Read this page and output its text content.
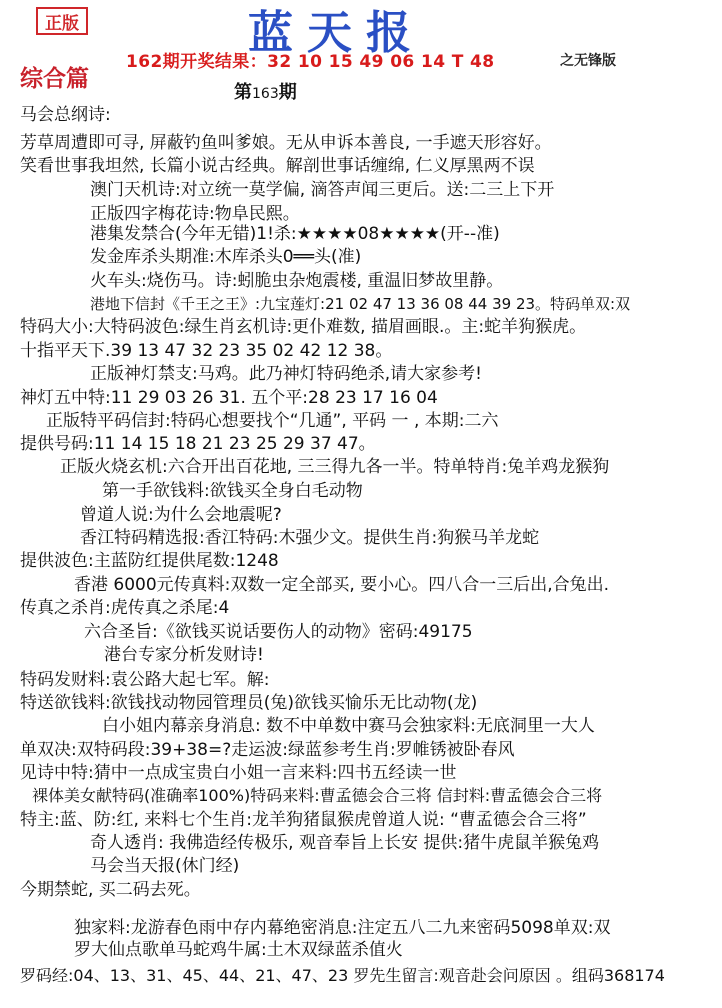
正版	蓝天报
162期开奖结果：32 10 15 49 06 14 T 48	之无锋版
综合篇
第163期
马会总纲诗:
芳草周遭即可寻, 屏蔽钓鱼叫爹娘。无从申诉本善良, 一手遮天形容好。
笑看世事我坦然, 长篇小说古经典。解剖世事话缠绵, 仁义厚黑两不误
澳门天机诗:对立统一莫学偏, 滴答声闻三更后。送:二三上下开
正版四字梅花诗:物阜民熙。
港集发禁合(今年无错)1!杀:★★★★08★★★★(开--准)
发金库杀头期准:木库杀头0══头(准)
火车头:烧伤马。诗:蚓脆虫杂炮震楼, 重温旧梦故里静。
港地下信封《千王之王》:九宝莲灯:21 02 47 13 36 08 44 39 23。特码单双:双
特码大小:大特码波色:绿生肖玄机诗:更仆难数, 描眉画眼.。主:蛇羊狗猴虎。
十指平天下.39 13 47 32 23 35 02 42 12 38。
正版神灯禁支:马鸡。此乃神灯特码绝杀,请大家参考!
神灯五中特:11 29 03 26 31. 五个平:28 23 17 16 04
正版特平码信封:特码心想要找个“几通”, 平码 一 , 本期:二六
提供号码:11 14 15 18 21 23 25 29 37 47。
正版火烧玄机:六合开出百花地, 三三得九各一半。特单特肖:兔羊鸡龙猴狗
第一手欲钱料:欲钱买全身白毛动物
曾道人说:为什么会地震呢?
香江特码精选报:香江特码:木强少文。提供生肖:狗猴马羊龙蛇
提供波色:主蓝防红提供尾数:1248
香港 6000元传真料:双数一定全部买, 要小心。四八合一三后出,合兔出.
传真之杀肖:虎传真之杀尾:4
六合圣旨:《欲钱买说话要伤人的动物》密码:49175
港台专家分析发财诗!
特码发财料:袁公路大起七军。解:
特送欲钱料:欲钱找动物园管理员(兔)欲钱买愉乐无比动物(龙)
白小姐内幕亲身消息: 数不中单数中赛马会独家料:无底洞里一大人
单双决:双特码段:39+38=?走运波:绿蓝参考生肖:罗帷锈被卧春风
见诗中特:猜中一点成宝贵白小姐一言来料:四书五经读一世
裸体美女献特码(准确率100%)特码来料:曹孟德会合三将 信封料:曹孟德会合三将
特主:蓝、防:红, 来料七个生肖:龙羊狗猪鼠猴虎曾道人说: “曹孟德会合三将”
奇人透肖: 我佛造经传极乐, 观音奉旨上长安 提供:猪牛虎鼠羊猴兔鸡
马会当天报(休门经)
今期禁蛇, 买二码去死。
独家料:龙游春色雨中存内幕绝密消息:注定五八二九来密码5098单双:双
罗大仙点歌单马蛇鸡牛属:土木双绿蓝杀值火
罗码经:04、13、31、45、44、21、47、23 罗先生留言:观音赴会问原因 。组码368174
